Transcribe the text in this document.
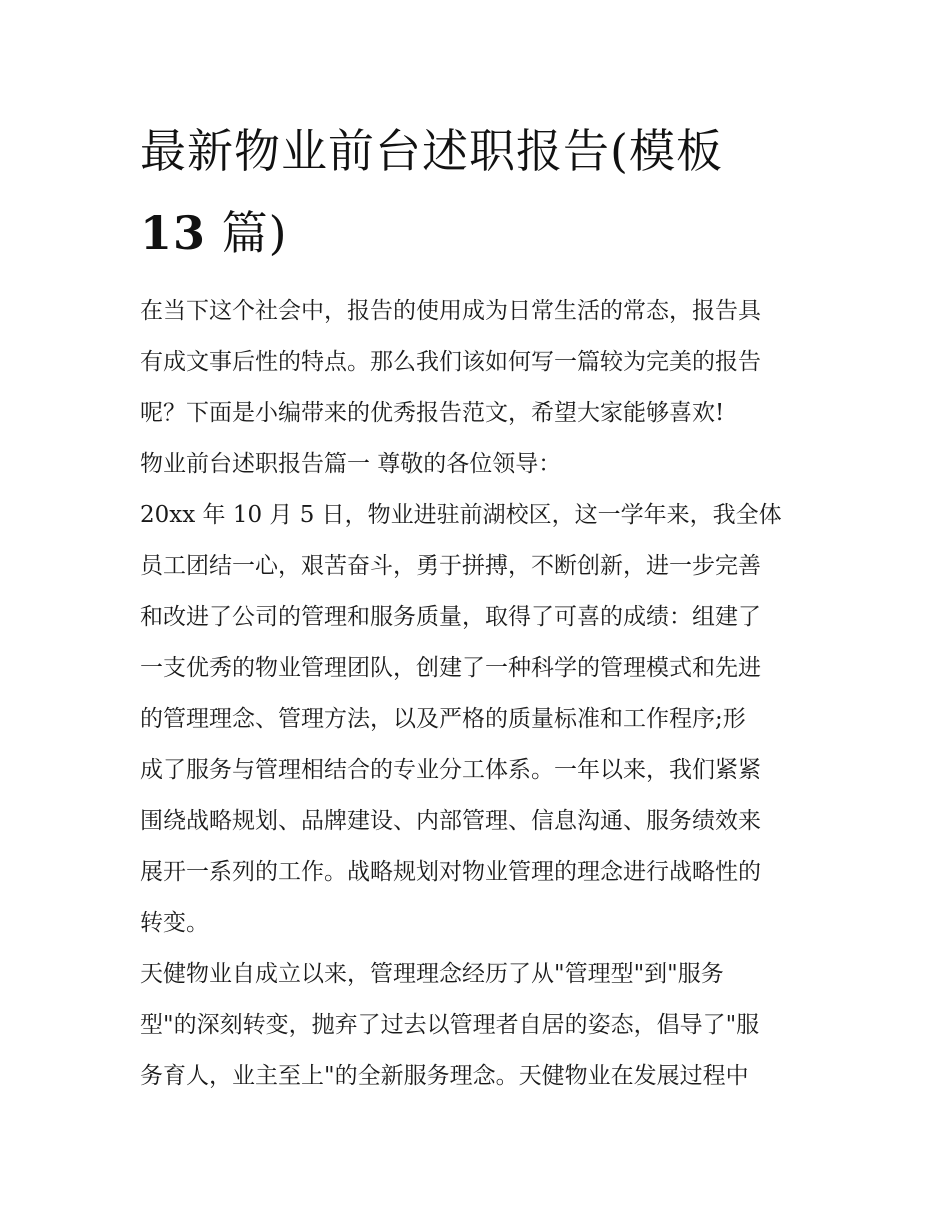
最新物业前台述职报告(模板
13 篇)
在当下这个社会中，报告的使用成为日常生活的常态，报告具
有成文事后性的特点。那么我们该如何写一篇较为完美的报告
呢？下面是小编带来的优秀报告范文，希望大家能够喜欢!
物业前台述职报告篇一 尊敬的各位领导：
20xx 年 10 月 5 日，物业进驻前湖校区，这一学年来，我全体
员工团结一心，艰苦奋斗，勇于拼搏，不断创新，进一步完善
和改进了公司的管理和服务质量，取得了可喜的成绩：组建了
一支优秀的物业管理团队，创建了一种科学的管理模式和先进
的管理理念、管理方法，以及严格的质量标准和工作程序;形
成了服务与管理相结合的专业分工体系。一年以来，我们紧紧
围绕战略规划、品牌建设、内部管理、信息沟通、服务绩效来
展开一系列的工作。战略规划对物业管理的理念进行战略性的
转变。
天健物业自成立以来，管理理念经历了从"管理型"到"服务
型"的深刻转变，抛弃了过去以管理者自居的姿态，倡导了"服
务育人，业主至上"的全新服务理念。天健物业在发展过程中
